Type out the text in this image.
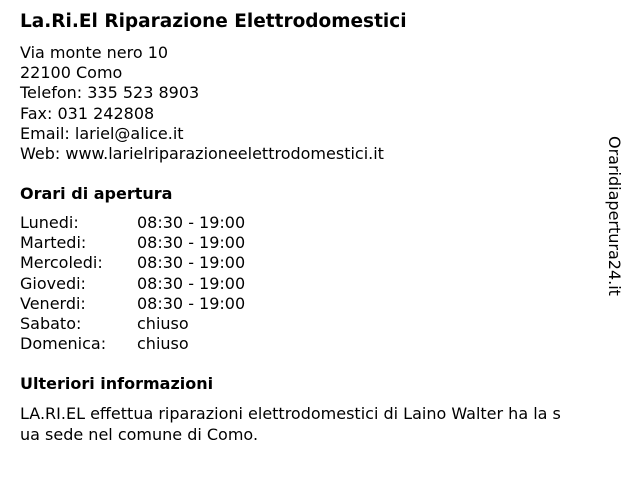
La.Ri.El Riparazione Elettrodomestici
Via monte nero 10
22100 Como
Telefon: 335 523 8903
Fax: 031 242808
Email: lariel@alice.it
Web: www.larielriparazioneelettrodomestici.it
Orari di apertura
Lunedi:	08:30 - 19:00
Martedi:	08:30 - 19:00
Mercoledi:	08:30 - 19:00
Giovedi:	08:30 - 19:00
Venerdi:	08:30 - 19:00
Sabato:	chiuso
Domenica:	chiuso
Ulteriori informazioni
LA.RI.EL effettua riparazioni elettrodomestici di Laino Walter ha la s
ua sede nel comune di Como.
Oraridiapertura24.it
